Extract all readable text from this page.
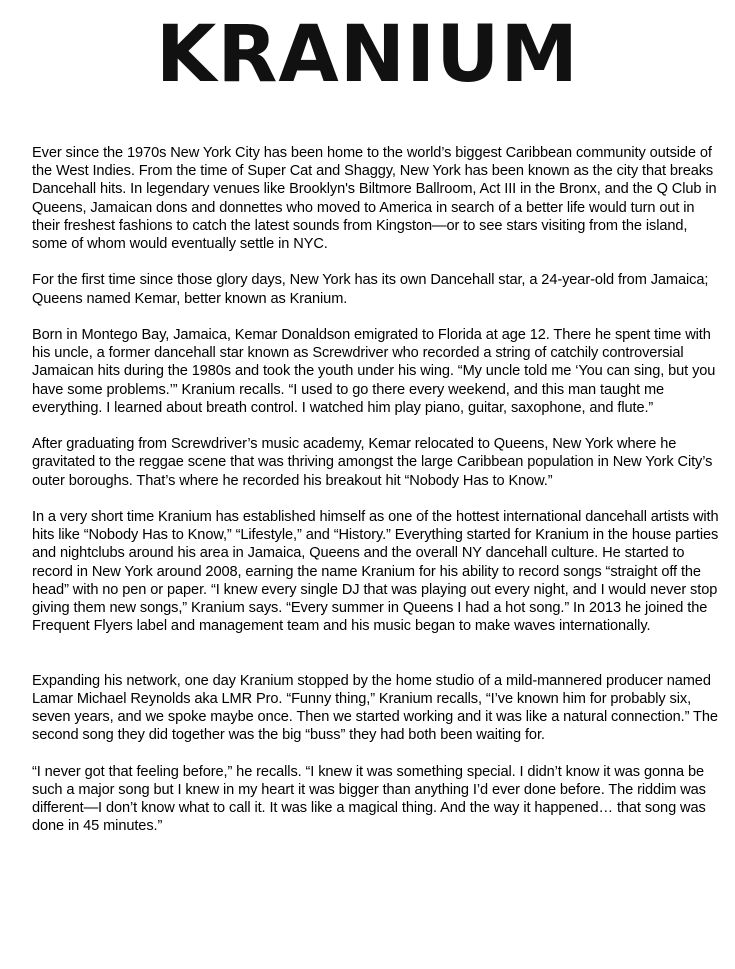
KRANIUM

Ever since the 1970s New York City has been home to the world’s biggest Caribbean community outside of the West Indies. From the time of Super Cat and Shaggy, New York has been known as the city that breaks Dancehall hits. In legendary venues like Brooklyn's Biltmore Ballroom, Act III in the Bronx, and the Q Club in Queens, Jamaican dons and donnettes who moved to America in search of a better life would turn out in their freshest fashions to catch the latest sounds from Kingston—or to see stars visiting from the island, some of whom would eventually settle in NYC.

For the first time since those glory days, New York has its own Dancehall star, a 24-year-old from Jamaica; Queens named Kemar, better known as Kranium.

Born in Montego Bay, Jamaica, Kemar Donaldson emigrated to Florida at age 12. There he spent time with his uncle, a former dancehall star known as Screwdriver who recorded a string of catchily controversial Jamaican hits during the 1980s and took the youth under his wing. “My uncle told me ‘You can sing, but you have some problems.’” Kranium recalls. “I used to go there every weekend, and this man taught me everything. I learned about breath control. I watched him play piano, guitar, saxophone, and flute.”

After graduating from Screwdriver’s music academy, Kemar relocated to Queens, New York where he gravitated to the reggae scene that was thriving amongst the large Caribbean population in New York City’s outer boroughs. That’s where he recorded his breakout hit “Nobody Has to Know.”

In a very short time Kranium has established himself as one of the hottest international dancehall artists with hits like “Nobody Has to Know,” “Lifestyle,” and “History.” Everything started for Kranium in the house parties and nightclubs around his area in Jamaica, Queens and the overall NY dancehall culture. He started to record in New York around 2008, earning the name Kranium for his ability to record songs “straight off the head” with no pen or paper. “I knew every single DJ that was playing out every night, and I would never stop giving them new songs,” Kranium says. “Every summer in Queens I had a hot song.” In 2013 he joined the Frequent Flyers label and management team and his music began to make waves internationally.

Expanding his network, one day Kranium stopped by the home studio of a mild-mannered producer named Lamar Michael Reynolds aka LMR Pro. “Funny thing,” Kranium recalls, “I’ve known him for probably six, seven years, and we spoke maybe once. Then we started working and it was like a natural connection.” The second song they did together was the big “buss” they had both been waiting for.

“I never got that feeling before,” he recalls. “I knew it was something special. I didn’t know it was gonna be such a major song but I knew in my heart it was bigger than anything I’d ever done before. The riddim was different—I don’t know what to call it. It was like a magical thing. And the way it happened… that song was done in 45 minutes.”
